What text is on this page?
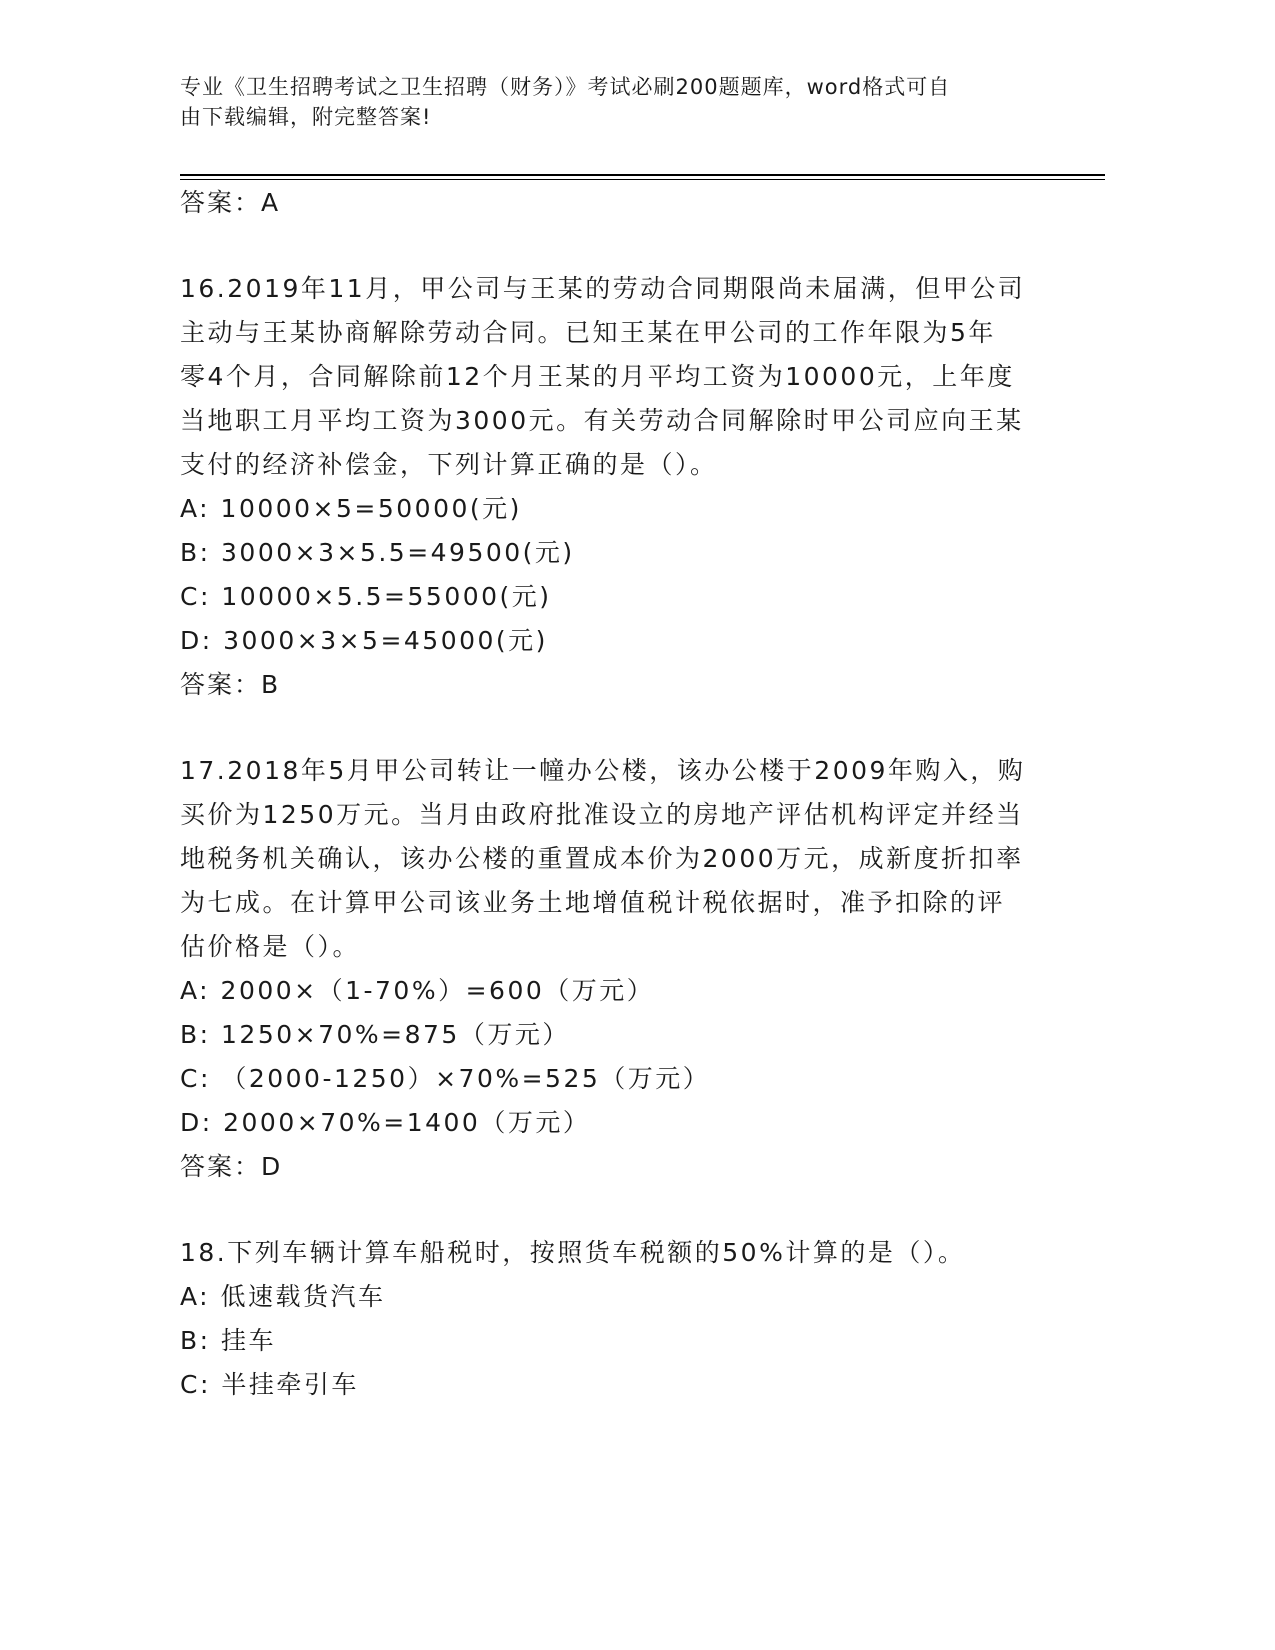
专业《卫生招聘考试之卫生招聘（财务）》考试必刷200题题库，word格式可自
由下载编辑，附完整答案!
答案：A
16.2019年11月，甲公司与王某的劳动合同期限尚未届满，但甲公司
主动与王某协商解除劳动合同。已知王某在甲公司的工作年限为5年
零4个月，合同解除前12个月王某的月平均工资为10000元，上年度
当地职工月平均工资为3000元。有关劳动合同解除时甲公司应向王某
支付的经济补偿金，下列计算正确的是（）。
A: 10000×5=50000(元)
B: 3000×3×5.5=49500(元)
C: 10000×5.5=55000(元)
D: 3000×3×5=45000(元)
答案：B
17.2018年5月甲公司转让一幢办公楼，该办公楼于2009年购入，购
买价为1250万元。当月由政府批准设立的房地产评估机构评定并经当
地税务机关确认，该办公楼的重置成本价为2000万元，成新度折扣率
为七成。在计算甲公司该业务土地增值税计税依据时，准予扣除的评
估价格是（）。
A: 2000×（1-70%）=600（万元）
B: 1250×70%=875（万元）
C: （2000-1250）×70%=525（万元）
D: 2000×70%=1400（万元）
答案：D
18.下列车辆计算车船税时，按照货车税额的50%计算的是（）。
A: 低速载货汽车
B: 挂车
C: 半挂牵引车
